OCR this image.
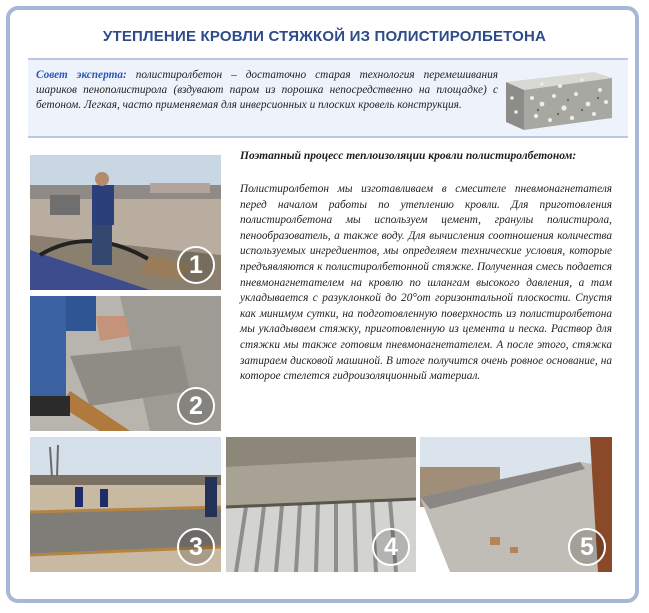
УТЕПЛЕНИЕ КРОВЛИ СТЯЖКОЙ ИЗ ПОЛИСТИРОЛБЕТОНА
Совет эксперта: полистиролбетон – достаточно старая технология перемешивания шариков пенополистирола (вздувают паром из порошка непосредственно на площадке) с бетоном. Легкая, часто применяемая для инверсионных и плоских кровель конструкция.
1
2
3	4	5
Поэтапный процесс теплоизоляции кровли полистиролбетоном:
Полистиролбетон мы изготавливаем в смесителе пневмонагнетателя перед началом работы по утеплению кровли. Для приготовления полистиролбетона мы используем цемент, гранулы полистирола, пенообразователь, а также воду. Для вычисления соотношения количества используемых ингредиентов, мы определяем технические условия, которые предъявляются к полистиролбетонной стяжке. Полученная смесь подается пневмонагнетателем на кровлю по шлангам высокого давления, а там укладывается с разуклонкой до 20°от горизонтальной плоскости. Спустя как минимум сутки, на подготовленную поверхность из полистиролбетона мы укладываем стяжку, приготовленную из цемента и песка. Раствор для стяжки мы также готовим пневмонагнетателем. А после этого, стяжка затираем дисковой машиной. В итоге получится очень ровное основание, на которое стелется гидроизоляционный материал.
